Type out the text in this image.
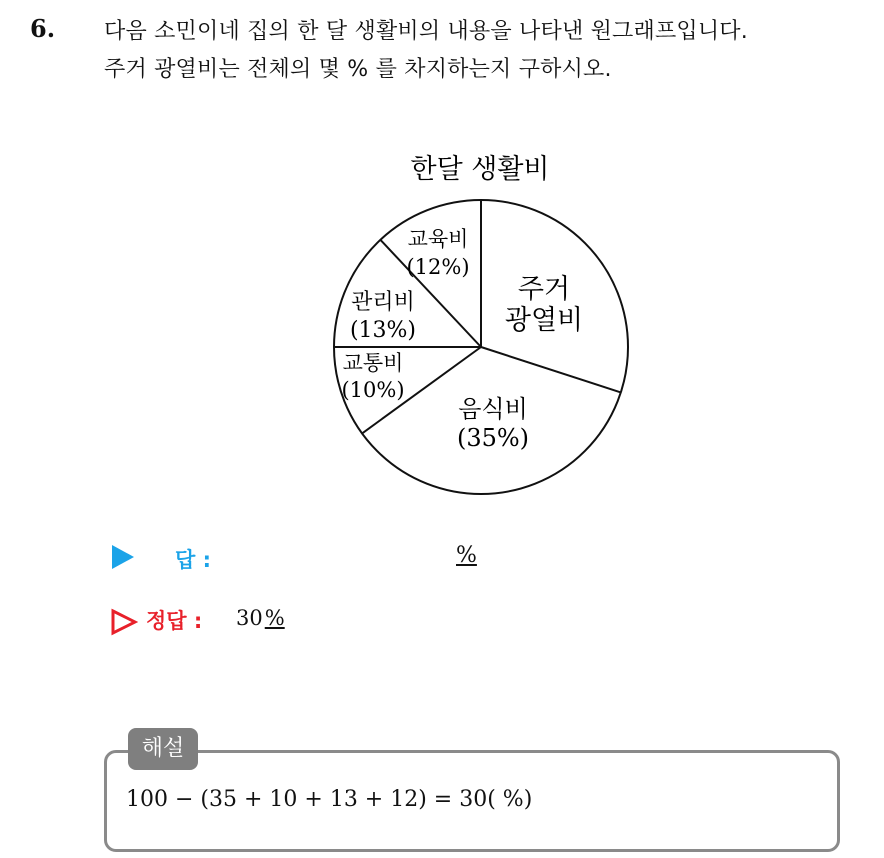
6. 다음 소민이네 집의 한 달 생활비의 내용을 나타낸 원그래프입니다.
주거 광열비는 전체의 몇 % 를 차지하는지 구하시오.
한달 생활비
주거
광열비
음식비
(35%)
교통비
(10%)
관리비
(13%)
교육비
(12%)
답 :	%
정답 : 30%
해설
100 − (35 + 10 + 13 + 12) = 30( %)
